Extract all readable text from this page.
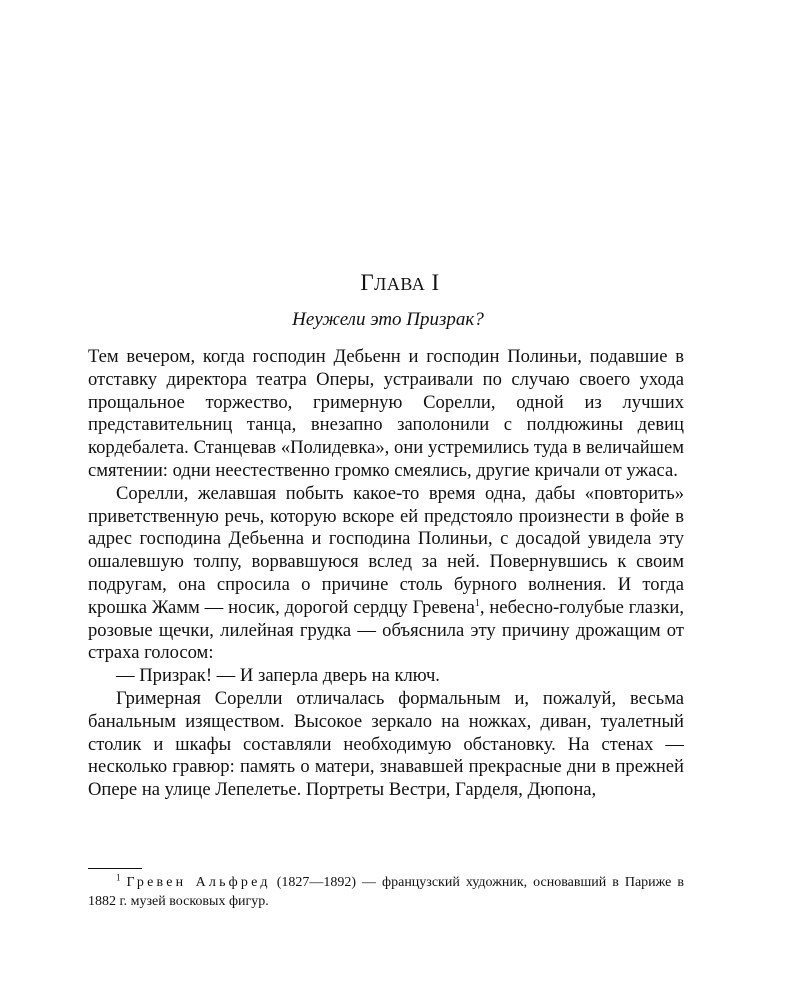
ГЛАВА I
Неужели это Призрак?

Тем вечером, когда господин Дебьенн и господин Полиньи, подавшие в отставку директора театра Оперы, устраивали по случаю своего ухода прощальное торжество, гримерную Сорелли, одной из лучших представительниц танца, внезапно заполонили с полдюжины девиц кордебалета. Станцевав «Полидевка», они устремились туда в величайшем смятении: одни неестественно громко смеялись, другие кричали от ужаса.

Сорелли, желавшая побыть какое-то время одна, дабы «повторить» приветственную речь, которую вскоре ей предстояло произнести в фойе в адрес господина Дебьенна и господина Полиньи, с досадой увидела эту ошалевшую толпу, ворвавшуюся вслед за ней. Повернувшись к своим подругам, она спросила о причине столь бурного волнения. И тогда крошка Жамм — носик, дорогой сердцу Гревена$^1$, небесно-голубые глазки, розовые щечки, лилейная грудка — объяснила эту причину дрожащим от страха голосом:

— Призрак! — И заперла дверь на ключ.

Гримерная Сорелли отличалась формальным и, пожалуй, весьма банальным изяществом. Высокое зеркало на ножках, диван, туалетный столик и шкафы составляли необходимую обстановку. На стенах — несколько гравюр: память о матери, знававшей прекрасные дни в прежней Опере на улице Лепелетье. Портреты Вестри, Гарделя, Дюпона,

$^1$ Гревен Альфред (1827—1892) — французский художник, основавший в Париже в 1882 г. музей восковых фигур.
